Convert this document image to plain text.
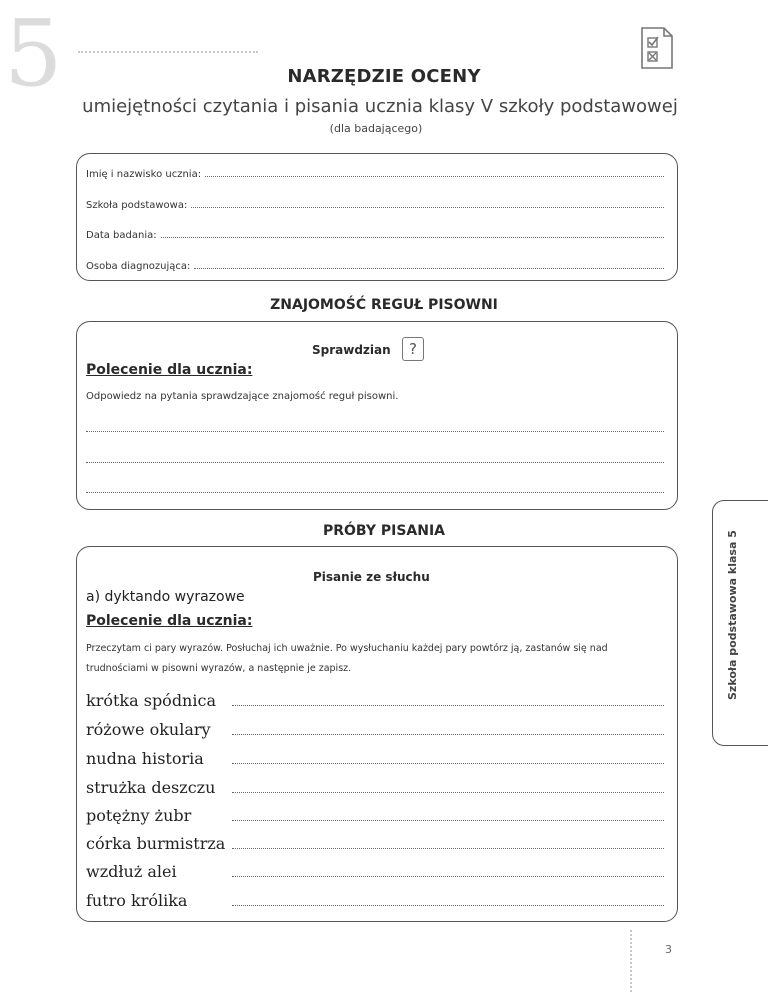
5	NARZĘDZIE OCENY
umiejętności czytania i pisania ucznia klasy V szkoły podstawowej
(dla badającego)
Imię i nazwisko ucznia:
Szkoła podstawowa:
Data badania:
Osoba diagnozująca:
ZNAJOMOŚĆ REGUŁ PISOWNI
Sprawdzian	?
Polecenie dla ucznia:
Odpowiedz na pytania sprawdzające znajomość reguł pisowni.
PRÓBY PISANIA
Pisanie ze słuchu
a) dyktando wyrazowe
Polecenie dla ucznia:
Przeczytam ci pary wyrazów. Posłuchaj ich uważnie. Po wysłuchaniu każdej pary powtórz ją, zastanów się nad
trudnościami w pisowni wyrazów, a następnie je zapisz.
krótka spódnica
różowe okulary
nudna historia
strużka deszczu
potężny żubr
córka burmistrza
wzdłuż alei
futro królika
Szkoła podstawowa klasa 5
3
